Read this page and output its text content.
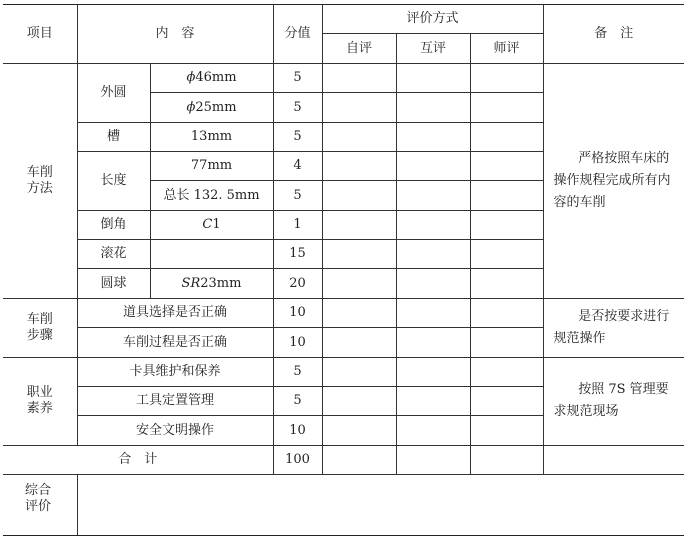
项目	内　容		分值	评价方式			备　注
				自评	互评	师评	

车削
方法	外圆	ϕ46mm	5				严格按照车床的操作规程完成所有内容的车削
		ϕ25mm	5				
	槽	13mm	5				
	长度	77mm	4				
		总长 132. 5mm	5				
	倒角	C1	1				
	滚花		15				
	圆球	SR23mm	20				

车削
步骤	道具选择是否正确		10				是否按要求进行规范操作
	车削过程是否正确		10				

职业
素养	卡具维护和保养		5				按照 7S 管理要求规范现场
	工具定置管理		5				
	安全文明操作		10				
合　计			100				

综合
评价							
